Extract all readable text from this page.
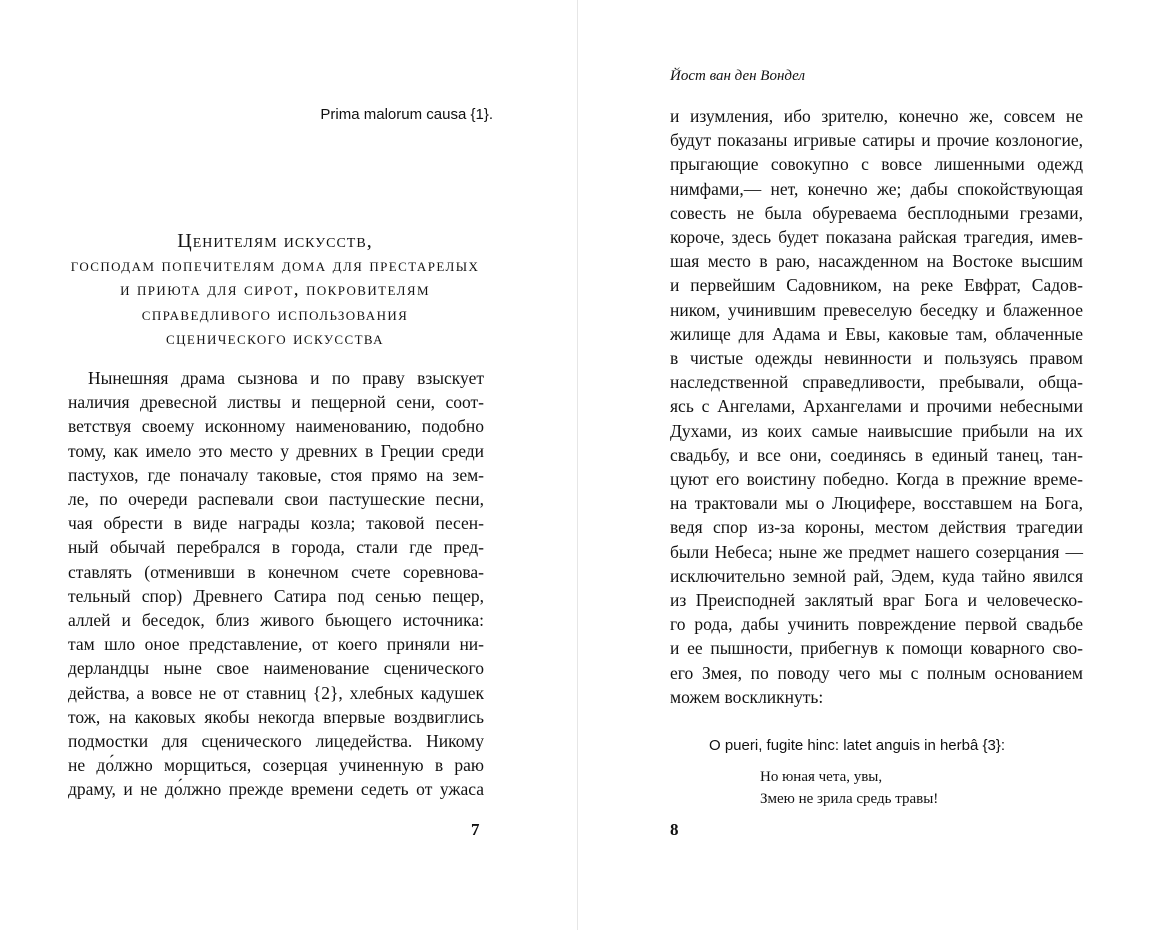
Prima malorum causa {1}.
Ценителям искусств,
господам попечителям дома для престарелых
и приюта для сирот, покровителям
справедливого использования
сценического искусства
Нынешняя драма сызнова и по праву взыскует
наличия древесной листвы и пещерной сени, соот-
ветствуя своему исконному наименованию, подобно
тому, как имело это место у древних в Греции среди
пастухов, где поначалу таковые, стоя прямо на зем-
ле, по очереди распевали свои пастушеские песни,
чая обрести в виде награды козла; таковой песен-
ный обычай перебрался в города, стали где пред-
ставлять (отменивши в конечном счете соревнова-
тельный спор) Древнего Сатира под сенью пещер,
аллей и беседок, близ живого бьющего источника:
там шло оное представление, от коего приняли ни-
дерландцы ныне свое наименование сценического
действа, а вовсе не от ставниц {2}, хлебных кадушек
тож, на каковых якобы некогда впервые воздвиглись
подмостки для сценического лицедейства. Никому
не до́лжно морщиться, созерцая учиненную в раю
драму, и не до́лжно прежде времени седеть от ужаса
7
Йост ван ден Вондел
и изумления, ибо зрителю, конечно же, совсем не
будут показаны игривые сатиры и прочие козлоногие,
прыгающие совокупно с вовсе лишенными одежд
нимфами,— нет, конечно же; дабы спокойствующая
совесть не была обуреваема бесплодными грезами,
короче, здесь будет показана райская трагедия, имев-
шая место в раю, насажденном на Востоке высшим
и первейшим Садовником, на реке Евфрат, Садов-
ником, учинившим превеселую беседку и блаженное
жилище для Адама и Евы, каковые там, облаченные
в чистые одежды невинности и пользуясь правом
наследственной справедливости, пребывали, обща-
ясь с Ангелами, Архангелами и прочими небесными
Духами, из коих самые наивысшие прибыли на их
свадьбу, и все они, соединясь в единый танец, тан-
цуют его воистину победно. Когда в прежние време-
на трактовали мы о Люцифере, восставшем на Бога,
ведя спор из-за короны, местом действия трагедии
были Небеса; ныне же предмет нашего созерцания —
исключительно земной рай, Эдем, куда тайно явился
из Преисподней заклятый враг Бога и человеческо-
го рода, дабы учинить повреждение первой свадьбе
и ее пышности, прибегнув к помощи коварного сво-
его Змея, по поводу чего мы с полным основанием
можем воскликнуть:
O pueri, fugite hinc: latet anguis in herbâ {3}:
Но юная чета, увы,
Змею не зрила средь травы!
8
